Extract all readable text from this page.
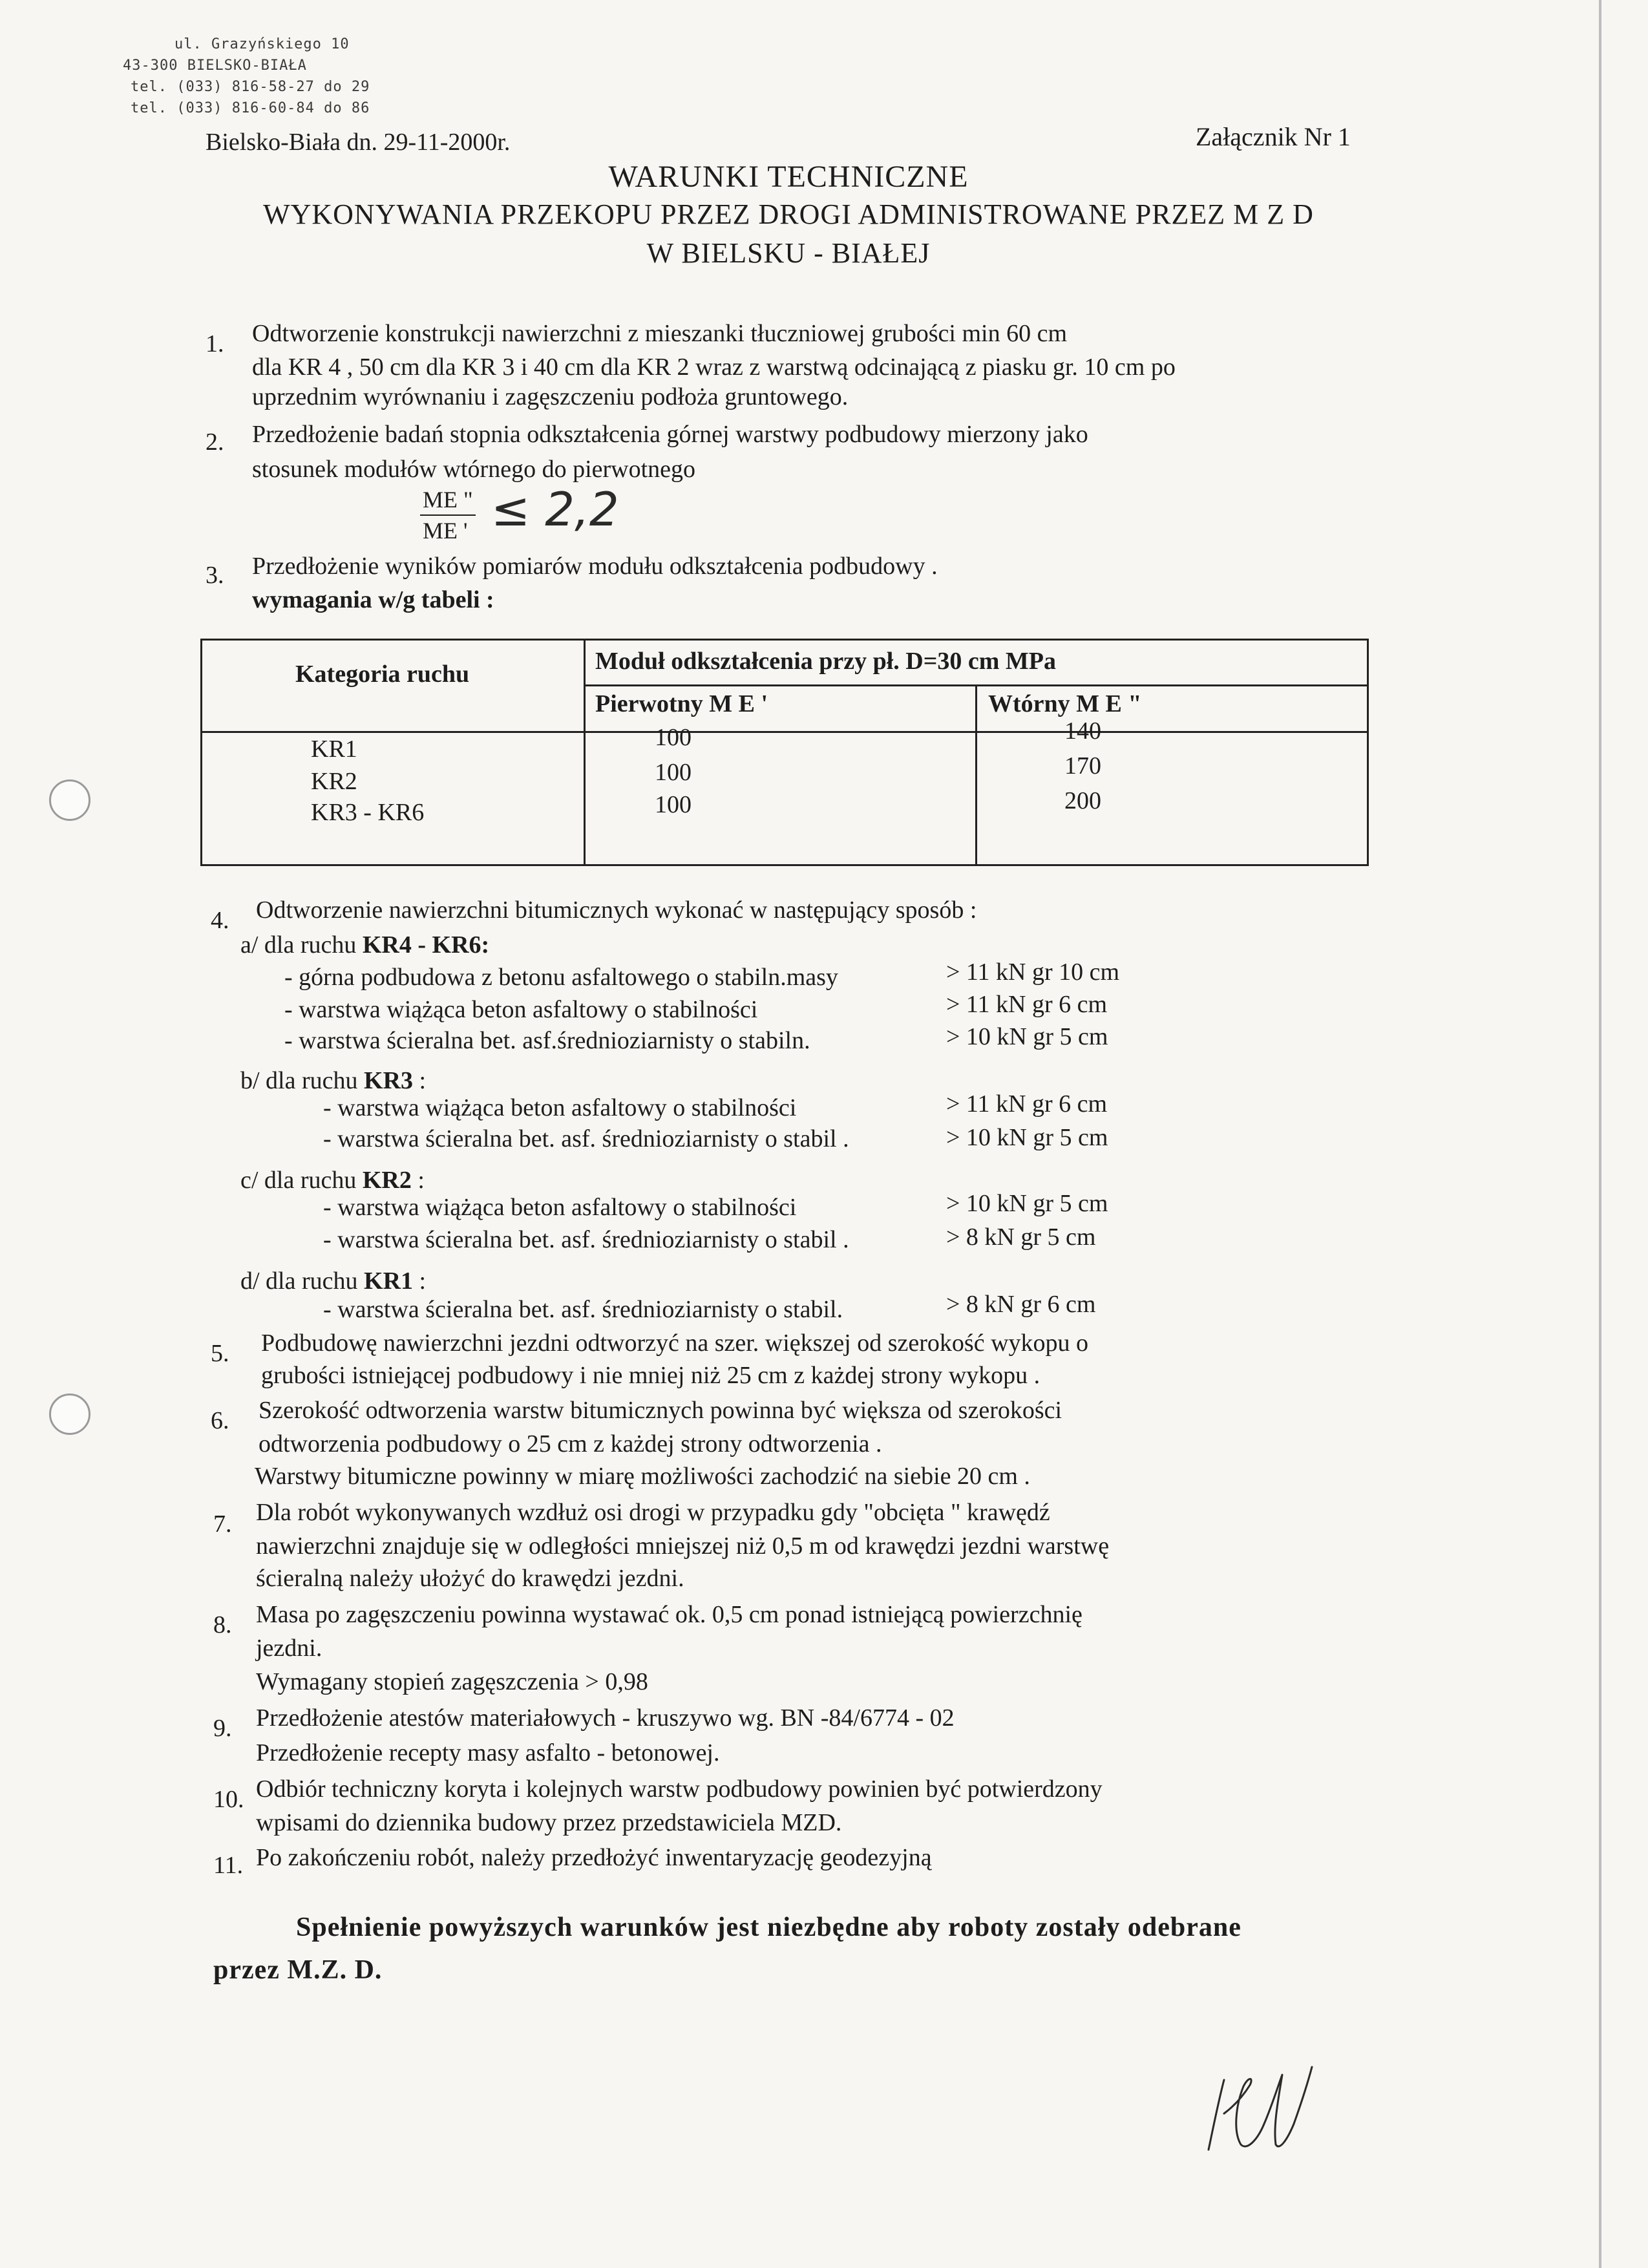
ul. Grazyńskiego 10
43-300 BIELSKO-BIAŁA
tel. (033) 816-58-27 do 29
tel. (033) 816-60-84 do 86
Bielsko-Biała dn. 29-11-2000r.	Załącznik Nr 1
WARUNKI TECHNICZNE
WYKONYWANIA PRZEKOPU PRZEZ DROGI ADMINISTROWANE PRZEZ M Z D
W BIELSKU - BIAŁEJ
1. Odtworzenie konstrukcji nawierzchni z mieszanki tłuczniowej grubości min 60 cm
dla KR 4 , 50 cm dla KR 3 i 40 cm dla KR 2 wraz z warstwą odcinającą z piasku gr. 10 cm po
uprzednim wyrównaniu i zagęszczeniu podłoża gruntowego.
2. Przedłożenie badań stopnia odkształcenia górnej warstwy podbudowy mierzony jako
stosunek modułów wtórnego do pierwotnego
$\frac{ME "}{ME '} \le 2,2$
3. Przedłożenie wyników pomiarów modułu odkształcenia podbudowy .
wymagania w/g tabeli :
Kategoria ruchu	Moduł odkształcenia przy pł. D=30 cm MPa
Pierwotny M E '	Wtórny M E "
KR1	100	140
KR2	100	170
KR3 - KR6	100	200
4. Odtworzenie nawierzchni bitumicznych wykonać w następujący sposób :
a/ dla ruchu KR4 - KR6:
- górna podbudowa z betonu asfaltowego o stabiln.masy	> 11 kN gr 10 cm
- warstwa wiążąca beton asfaltowy o stabilności	> 11 kN gr 6 cm
- warstwa ścieralna bet. asf.średnioziarnisty o stabiln.	> 10 kN gr 5 cm
b/ dla ruchu KR3 :
- warstwa wiążąca beton asfaltowy o stabilności	> 11 kN gr 6 cm
- warstwa ścieralna bet. asf. średnioziarnisty o stabil .	> 10 kN gr 5 cm
c/ dla ruchu KR2 :
- warstwa wiążąca beton asfaltowy o stabilności	> 10 kN gr 5 cm
- warstwa ścieralna bet. asf. średnioziarnisty o stabil .	> 8 kN gr 5 cm
d/ dla ruchu KR1 :
- warstwa ścieralna bet. asf. średnioziarnisty o stabil.	> 8 kN gr 6 cm
5. Podbudowę nawierzchni jezdni odtworzyć na szer. większej od szerokość wykopu o
grubości istniejącej podbudowy i nie mniej niż 25 cm z każdej strony wykopu .
6. Szerokość odtworzenia warstw bitumicznych powinna być większa od szerokości
odtworzenia podbudowy o 25 cm z każdej strony odtworzenia .
Warstwy bitumiczne powinny w miarę możliwości zachodzić na siebie 20 cm .
7. Dla robót wykonywanych wzdłuż osi drogi w przypadku gdy "obcięta " krawędź
nawierzchni znajduje się w odległości mniejszej niż 0,5 m od krawędzi jezdni warstwę
ścieralną należy ułożyć do krawędzi jezdni.
8. Masa po zagęszczeniu powinna wystawać ok. 0,5 cm ponad istniejącą powierzchnię
jezdni.
Wymagany stopień zagęszczenia > 0,98
9. Przedłożenie atestów materiałowych - kruszywo wg. BN -84/6774 - 02
Przedłożenie recepty masy asfalto - betonowej.
10. Odbiór techniczny koryta i kolejnych warstw podbudowy powinien być potwierdzony
wpisami do dziennika budowy przez przedstawiciela MZD.
11. Po zakończeniu robót, należy przedłożyć inwentaryzację geodezyjną
Spełnienie powyższych warunków jest niezbędne aby roboty zostały odebrane
przez M.Z. D.
